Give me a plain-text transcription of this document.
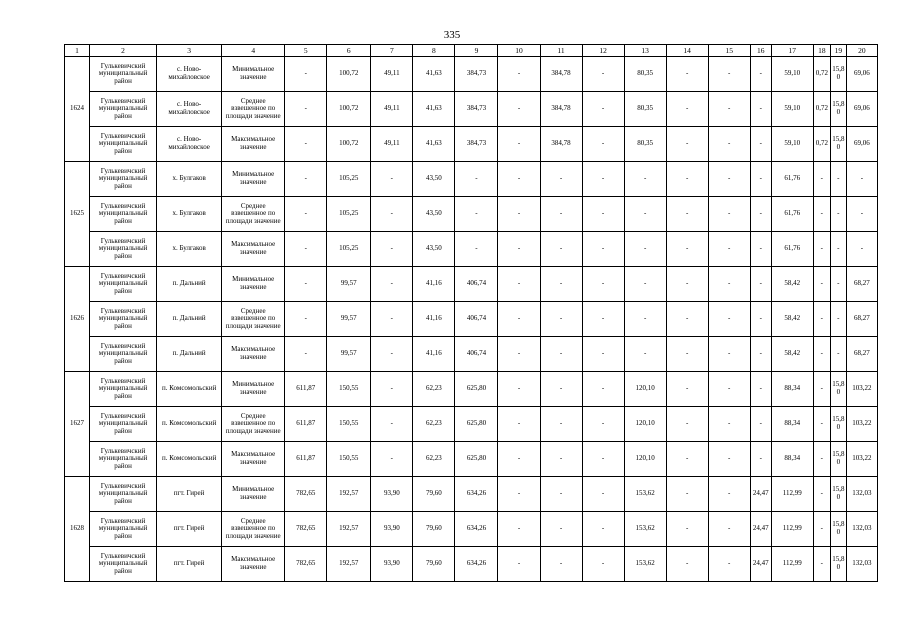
335
1	2	3	4	5	6	7	8	9	10	11	12	13	14	15	16	17	18	19	20
1624	Гулькевичский муниципальный район	с. Ново-михайловское	Минимальное значение	-	100,72	49,11	41,63	384,73	-	384,78	-	80,35	-	-	-	59,10	0,72	15,80	69,06
	Гулькевичский муниципальный район	с. Ново-михайловское	Среднее взвешенное по площади значение	-	100,72	49,11	41,63	384,73	-	384,78	-	80,35	-	-	-	59,10	0,72	15,80	69,06
	Гулькевичский муниципальный район	с. Ново-михайловское	Максимальное значение	-	100,72	49,11	41,63	384,73	-	384,78	-	80,35	-	-	-	59,10	0,72	15,80	69,06
1625	Гулькевичский муниципальный район	х. Булгаков	Минимальное значение	-	105,25	-	43,50	-	-	-	-	-	-	-	-	61,76	-	-	-
	Гулькевичский муниципальный район	х. Булгаков	Среднее взвешенное по площади значение	-	105,25	-	43,50	-	-	-	-	-	-	-	-	61,76	-	-	-
	Гулькевичский муниципальный район	х. Булгаков	Максимальное значение	-	105,25	-	43,50	-	-	-	-	-	-	-	-	61,76	-	-	-
1626	Гулькевичский муниципальный район	п. Дальний	Минимальное значение	-	99,57	-	41,16	406,74	-	-	-	-	-	-	-	58,42	-	-	68,27
	Гулькевичский муниципальный район	п. Дальний	Среднее взвешенное по площади значение	-	99,57	-	41,16	406,74	-	-	-	-	-	-	-	58,42	-	-	68,27
	Гулькевичский муниципальный район	п. Дальний	Максимальное значение	-	99,57	-	41,16	406,74	-	-	-	-	-	-	-	58,42	-	-	68,27
1627	Гулькевичский муниципальный район	п. Комсомольский	Минимальное значение	611,87	150,55	-	62,23	625,80	-	-	-	120,10	-	-	-	88,34	-	15,80	103,22
	Гулькевичский муниципальный район	п. Комсомольский	Среднее взвешенное по площади значение	611,87	150,55	-	62,23	625,80	-	-	-	120,10	-	-	-	88,34	-	15,80	103,22
	Гулькевичский муниципальный район	п. Комсомольский	Максимальное значение	611,87	150,55	-	62,23	625,80	-	-	-	120,10	-	-	-	88,34	-	15,80	103,22
1628	Гулькевичский муниципальный район	пгт. Гирей	Минимальное значение	782,65	192,57	93,90	79,60	634,26	-	-	-	153,62	-	-	24,47	112,99	-	15,80	132,03
	Гулькевичский муниципальный район	пгт. Гирей	Среднее взвешенное по площади значение	782,65	192,57	93,90	79,60	634,26	-	-	-	153,62	-	-	24,47	112,99	-	15,80	132,03
	Гулькевичский муниципальный район	пгт. Гирей	Максимальное значение	782,65	192,57	93,90	79,60	634,26	-	-	-	153,62	-	-	24,47	112,99	-	15,80	132,03
